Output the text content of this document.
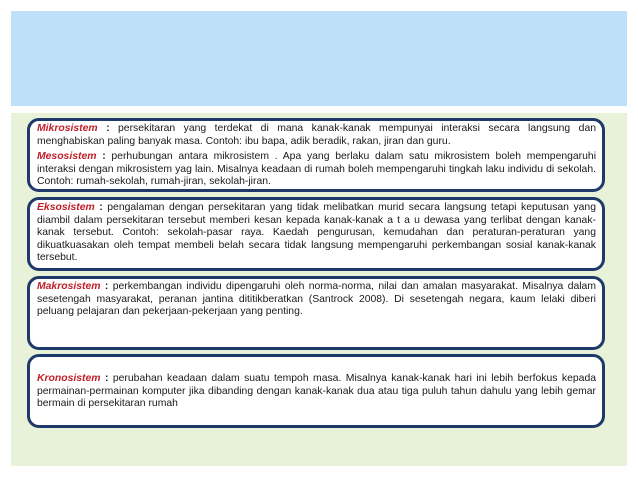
Mikrosistem : persekitaran yang terdekat di mana kanak-kanak mempunyai interaksi secara langsung dan menghabiskan paling banyak masa. Contoh: ibu bapa, adik beradik, rakan, jiran dan guru.

Mesosistem : perhubungan antara mikrosistem . Apa yang berlaku dalam satu mikrosistem boleh mempengaruhi interaksi dengan mikrosistem yag lain. Misalnya keadaan di rumah boleh mempengaruhi tingkah laku individu di sekolah. Contoh: rumah-sekolah, rumah-jiran, sekolah-jiran.

Eksosistem : pengalaman dengan persekitaran yang tidak melibatkan murid secara langsung tetapi keputusan yang diambil dalam persekitaran tersebut memberi kesan kepada kanak-kanak a t a u dewasa yang terlibat dengan kanak-kanak tersebut. Contoh: sekolah-pasar raya. Kaedah pengurusan, kemudahan dan peraturan-peraturan yang dikuatkuasakan oleh tempat membeli belah secara tidak langsung mempengaruhi perkembangan sosial kanak-kanak tersebut.

Makrosistem : perkembangan individu dipengaruhi oleh norma-norma, nilai dan amalan masyarakat. Misalnya dalam sesetengah masyarakat, peranan jantina dititikberatkan (Santrock 2008). Di sesetengah negara, kaum lelaki diberi peluang pelajaran dan pekerjaan-pekerjaan yang penting.

Kronosistem : perubahan keadaan dalam suatu tempoh masa. Misalnya kanak-kanak hari ini lebih berfokus kepada permainan-permainan komputer jika dibanding dengan kanak-kanak dua atau tiga puluh tahun dahulu yang lebih gemar bermain di persekitaran rumah
